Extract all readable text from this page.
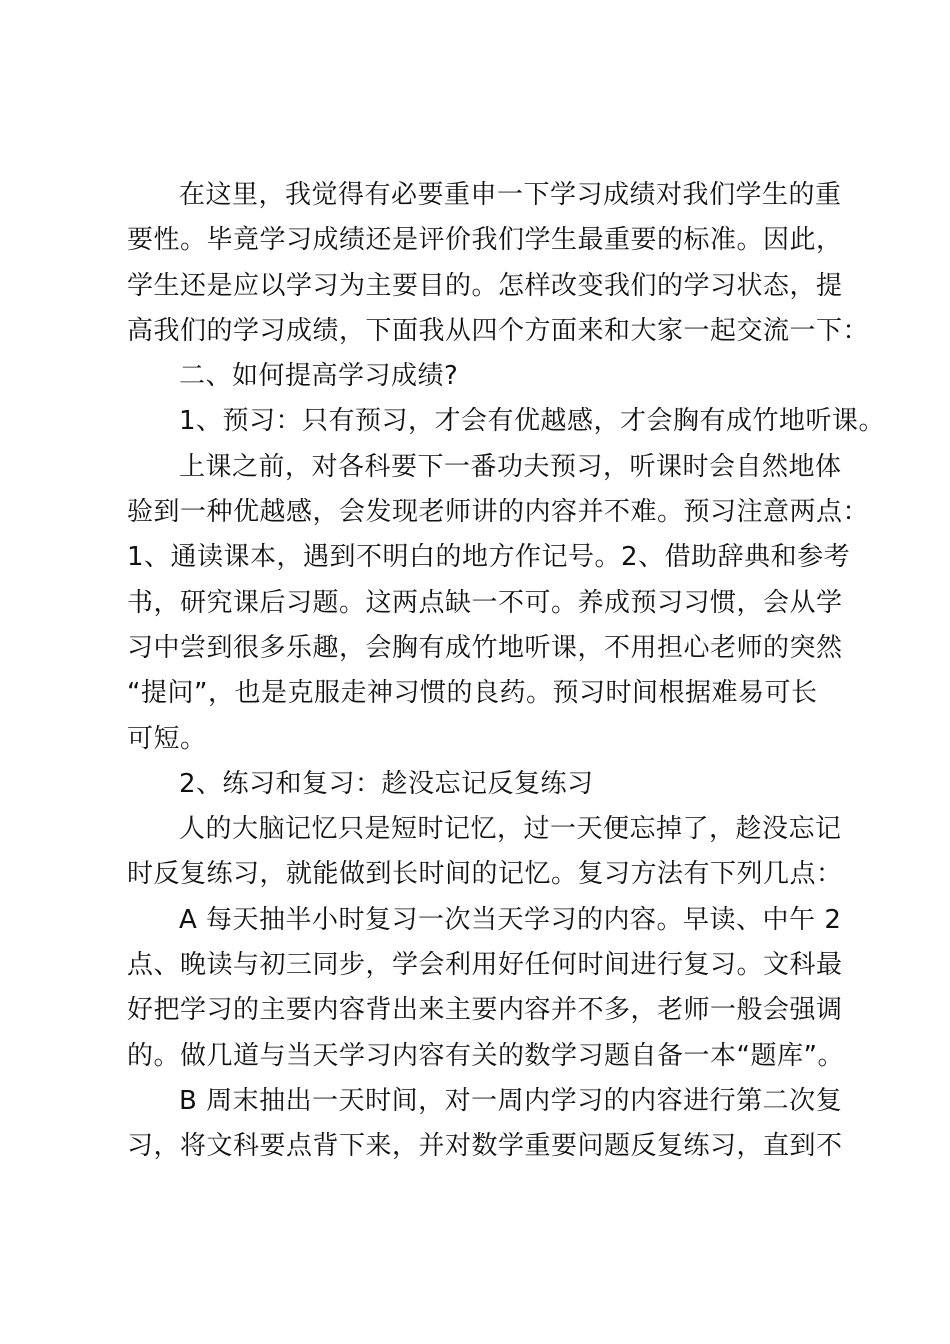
在这里，我觉得有必要重申一下学习成绩对我们学生的重
要性。毕竟学习成绩还是评价我们学生最重要的标准。因此，
学生还是应以学习为主要目的。怎样改变我们的学习状态，提
高我们的学习成绩，下面我从四个方面来和大家一起交流一下：
二、如何提高学习成绩?
1、预习：只有预习，才会有优越感，才会胸有成竹地听课。
上课之前，对各科要下一番功夫预习，听课时会自然地体
验到一种优越感，会发现老师讲的内容并不难。预习注意两点：
1、通读课本，遇到不明白的地方作记号。2、借助辞典和参考
书，研究课后习题。这两点缺一不可。养成预习习惯，会从学
习中尝到很多乐趣，会胸有成竹地听课，不用担心老师的突然
“提问”，也是克服走神习惯的良药。预习时间根据难易可长
可短。
2、练习和复习：趁没忘记反复练习
人的大脑记忆只是短时记忆，过一天便忘掉了，趁没忘记
时反复练习，就能做到长时间的记忆。复习方法有下列几点：
A 每天抽半小时复习一次当天学习的内容。早读、中午 2
点、晚读与初三同步，学会利用好任何时间进行复习。文科最
好把学习的主要内容背出来主要内容并不多，老师一般会强调
的。做几道与当天学习内容有关的数学习题自备一本“题库”。
B 周末抽出一天时间，对一周内学习的内容进行第二次复
习，将文科要点背下来，并对数学重要问题反复练习，直到不
